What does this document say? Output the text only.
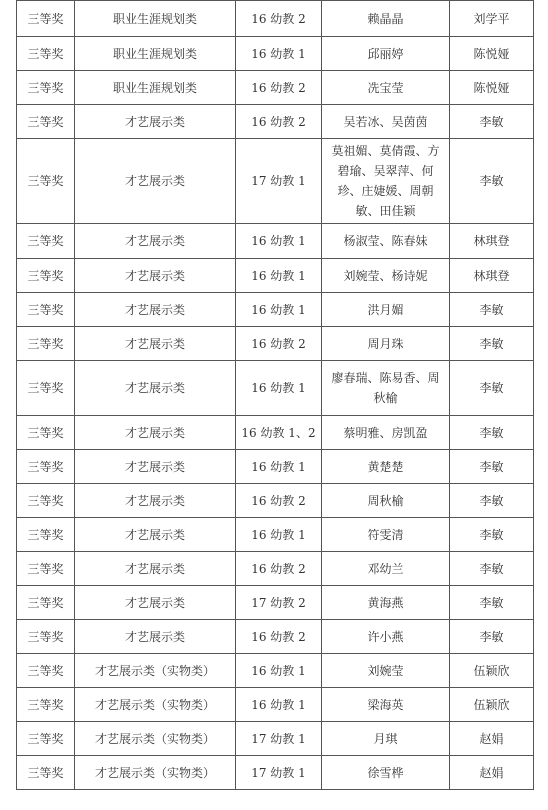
三等奖	职业生涯规划类	16 幼教 2	赖晶晶	刘学平
三等奖	职业生涯规划类	16 幼教 1	邱丽婷	陈悦娅
三等奖	职业生涯规划类	16 幼教 2	冼宝莹	陈悦娅
三等奖	才艺展示类	16 幼教 2	吴若冰、吴茵茵	李敏
三等奖	才艺展示类	17 幼教 1	莫祖媚、莫倩霞、方碧瑜、吴翠萍、何珍、庄婕媛、周朝敏、田佳颖	李敏
三等奖	才艺展示类	16 幼教 1	杨淑莹、陈春妹	林琪登
三等奖	才艺展示类	16 幼教 1	刘婉莹、杨诗妮	林琪登
三等奖	才艺展示类	16 幼教 1	洪月媚	李敏
三等奖	才艺展示类	16 幼教 2	周月珠	李敏
三等奖	才艺展示类	16 幼教 1	廖春瑞、陈易香、周秋榆	李敏
三等奖	才艺展示类	16 幼教 1、2	蔡明雅、房凯盈	李敏
三等奖	才艺展示类	16 幼教 1	黄楚楚	李敏
三等奖	才艺展示类	16 幼教 2	周秋榆	李敏
三等奖	才艺展示类	16 幼教 1	符雯清	李敏
三等奖	才艺展示类	16 幼教 2	邓幼兰	李敏
三等奖	才艺展示类	17 幼教 2	黄海燕	李敏
三等奖	才艺展示类	16 幼教 2	许小燕	李敏
三等奖	才艺展示类（实物类）	16 幼教 1	刘婉莹	伍颖欣
三等奖	才艺展示类（实物类）	16 幼教 1	梁海英	伍颖欣
三等奖	才艺展示类（实物类）	17 幼教 1	月琪	赵娟
三等奖	才艺展示类（实物类）	17 幼教 1	徐雪桦	赵娟
